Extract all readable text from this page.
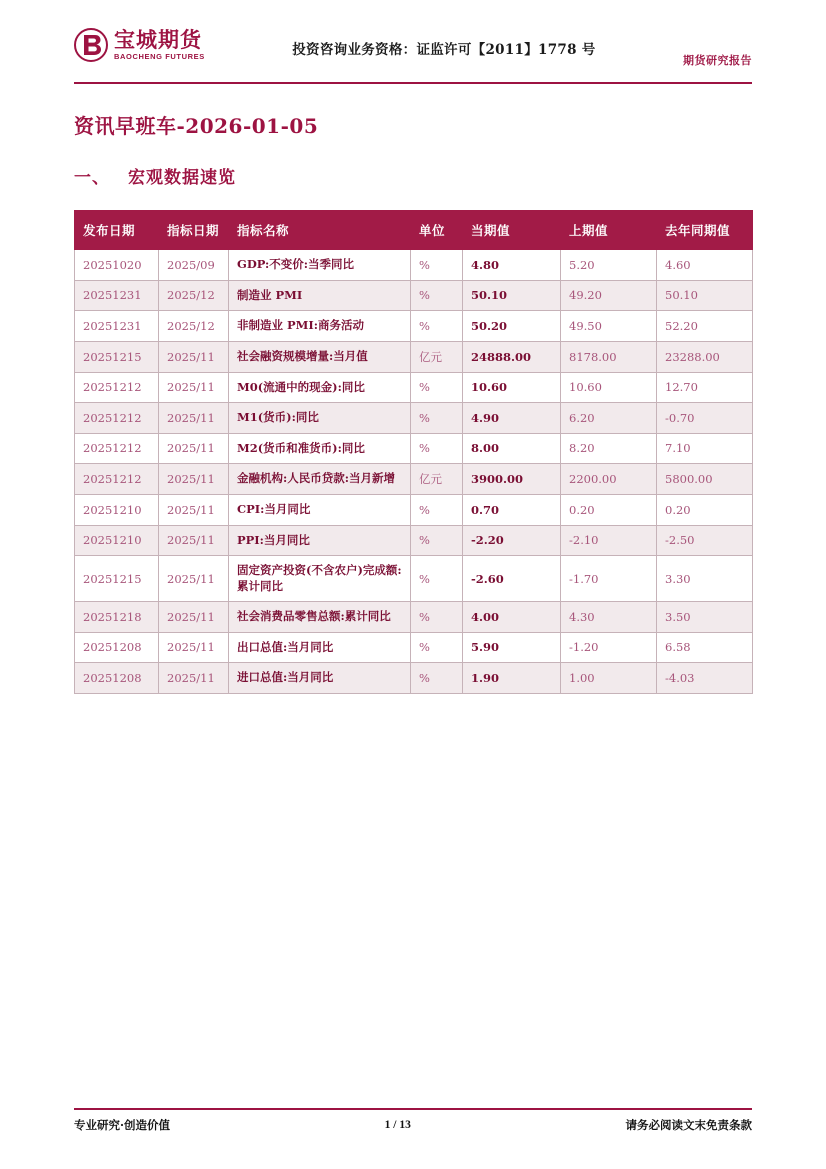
宝城期货
BAOCHENG FUTURES	投资咨询业务资格：证监许可【2011】1778 号
期货研究报告
资讯早班车-2026-01-05
一、 宏观数据速览
发布日期	指标日期	指标名称	单位	当期值	上期值	去年同期值
20251020	2025/09	GDP:不变价:当季同比	%	4.80	5.20	4.60
20251231	2025/12	制造业 PMI	%	50.10	49.20	50.10
20251231	2025/12	非制造业 PMI:商务活动	%	50.20	49.50	52.20
20251215	2025/11	社会融资规模增量:当月值	亿元	24888.00	8178.00	23288.00
20251212	2025/11	M0(流通中的现金):同比	%	10.60	10.60	12.70
20251212	2025/11	M1(货币):同比	%	4.90	6.20	-0.70
20251212	2025/11	M2(货币和准货币):同比	%	8.00	8.20	7.10
20251212	2025/11	金融机构:人民币贷款:当月新增	亿元	3900.00	2200.00	5800.00
20251210	2025/11	CPI:当月同比	%	0.70	0.20	0.20
20251210	2025/11	PPI:当月同比	%	-2.20	-2.10	-2.50
20251215	2025/11	固定资产投资(不含农户)完成额:累计同比	%	-2.60	-1.70	3.30
20251218	2025/11	社会消费品零售总额:累计同比	%	4.00	4.30	3.50
20251208	2025/11	出口总值:当月同比	%	5.90	-1.20	6.58
20251208	2025/11	进口总值:当月同比	%	1.90	1.00	-4.03
专业研究·创造价值	1 / 13	请务必阅读文末免责条款
